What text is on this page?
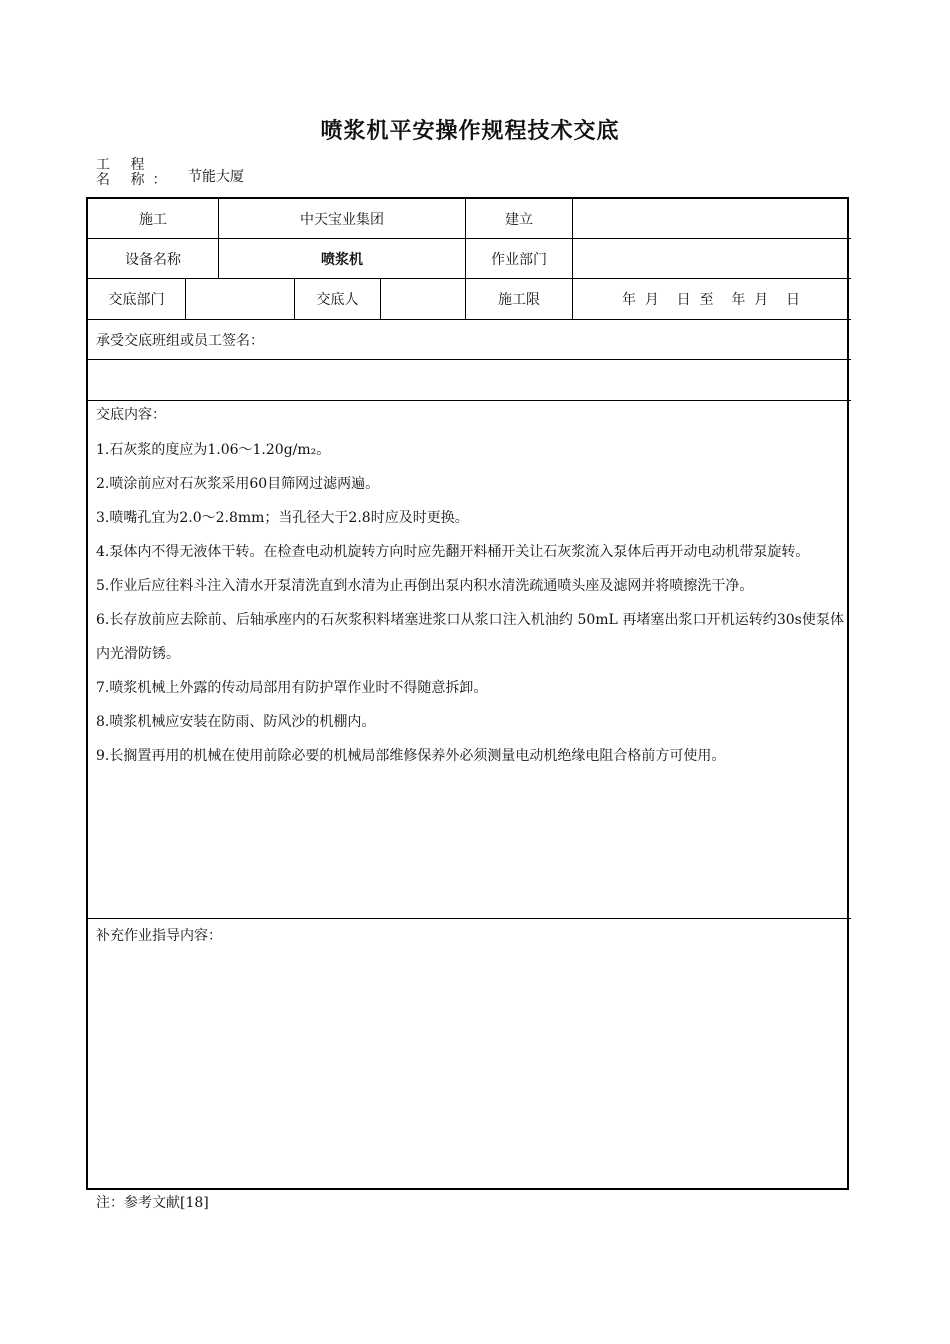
喷浆机平安操作规程技术交底
工 程 名 称： 节能大厦
施工	中天宝业集团	建立
设备名称	喷浆机	作业部门
交底部门	交底人	施工限	年  月    日  至    年  月    日
承受交底班组或员工签名：
交底内容：
1.石灰浆的度应为1.06～1.20g/m₂。
2.喷涂前应对石灰浆采用60目筛网过滤两遍。
3.喷嘴孔宜为2.0～2.8mm；当孔径大于2.8时应及时更换。
4.泵体内不得无液体干转。在检查电动机旋转方向时应先翻开料桶开关让石灰浆流入泵体后再开动电动机带泵旋转。
5.作业后应往料斗注入清水开泵清洗直到水清为止再倒出泵内积水清洗疏通喷头座及滤网并将喷擦洗干净。
6.长存放前应去除前、后轴承座内的石灰浆积料堵塞进浆口从浆口注入机油约 50mL 再堵塞出浆口开机运转约30s使泵体内光滑防锈。
7.喷浆机械上外露的传动局部用有防护罩作业时不得随意拆卸。
8.喷浆机械应安装在防雨、防风沙的机棚内。
9.长搁置再用的机械在使用前除必要的机械局部维修保养外必须测量电动机绝缘电阻合格前方可使用。
补充作业指导内容：
注：参考文献[18]
